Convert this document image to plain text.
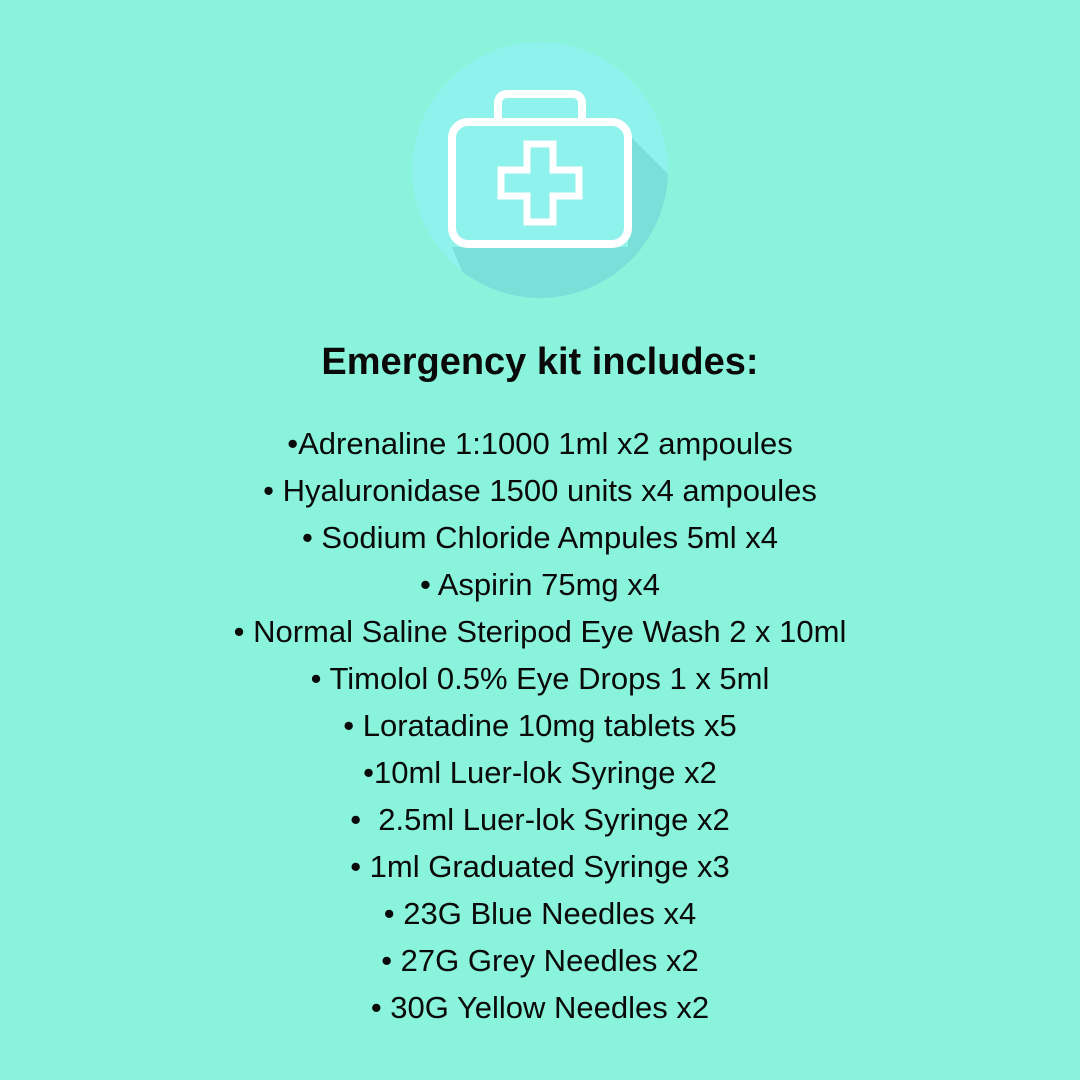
Emergency kit includes:
•Adrenaline 1:1000 1ml x2 ampoules
• Hyaluronidase 1500 units x4 ampoules
• Sodium Chloride Ampules 5ml x4
• Aspirin 75mg x4
• Normal Saline Steripod Eye Wash 2 x 10ml
• Timolol 0.5% Eye Drops 1 x 5ml
• Loratadine 10mg tablets x5
•10ml Luer-lok Syringe x2
•  2.5ml Luer-lok Syringe x2
• 1ml Graduated Syringe x3
• 23G Blue Needles x4
• 27G Grey Needles x2
• 30G Yellow Needles x2
